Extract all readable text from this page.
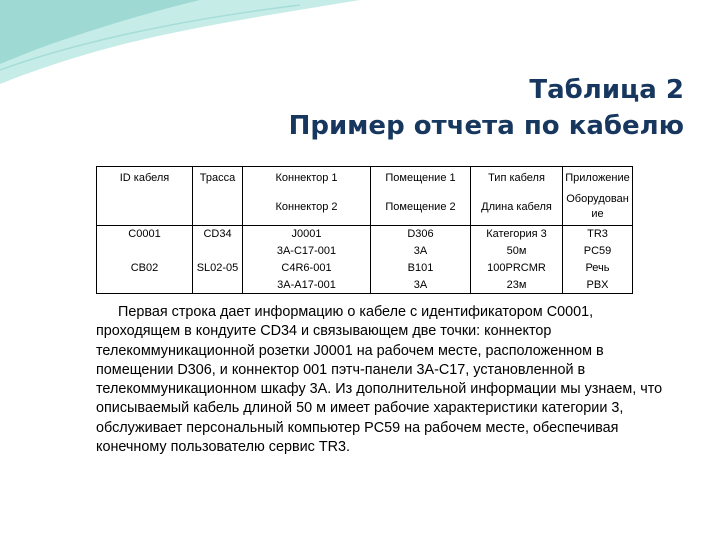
Таблица 2
Пример отчета по кабелю
ID кабеля	Трасса	Коннектор 1	Помещение 1	Тип кабеля	Приложение
		Коннектор 2	Помещение 2	Длина кабеля	Оборудован ие
C0001	CD34	J0001	D306	Категория 3	TR3
		3A-C17-001	3A	50м	PC59
CB02	SL02-05	C4R6-001	B101	100PRCMR	Речь
		3A-A17-001	3A	23м	PBX

Первая строка дает информацию о кабеле с идентификатором C0001, проходящем в кондуите CD34 и связывающем две точки: коннектор телекоммуникационной розетки J0001 на рабочем месте, расположенном в помещении D306, и коннектор 001 пэтч-панели 3A-C17, установленной в телекоммуникационном шкафу 3A. Из дополнительной информации мы узнаем, что описываемый кабель длиной 50 м имеет рабочие характеристики категории 3, обслуживает персональный компьютер PC59 на рабочем месте, обеспечивая конечному пользователю сервис TR3.
